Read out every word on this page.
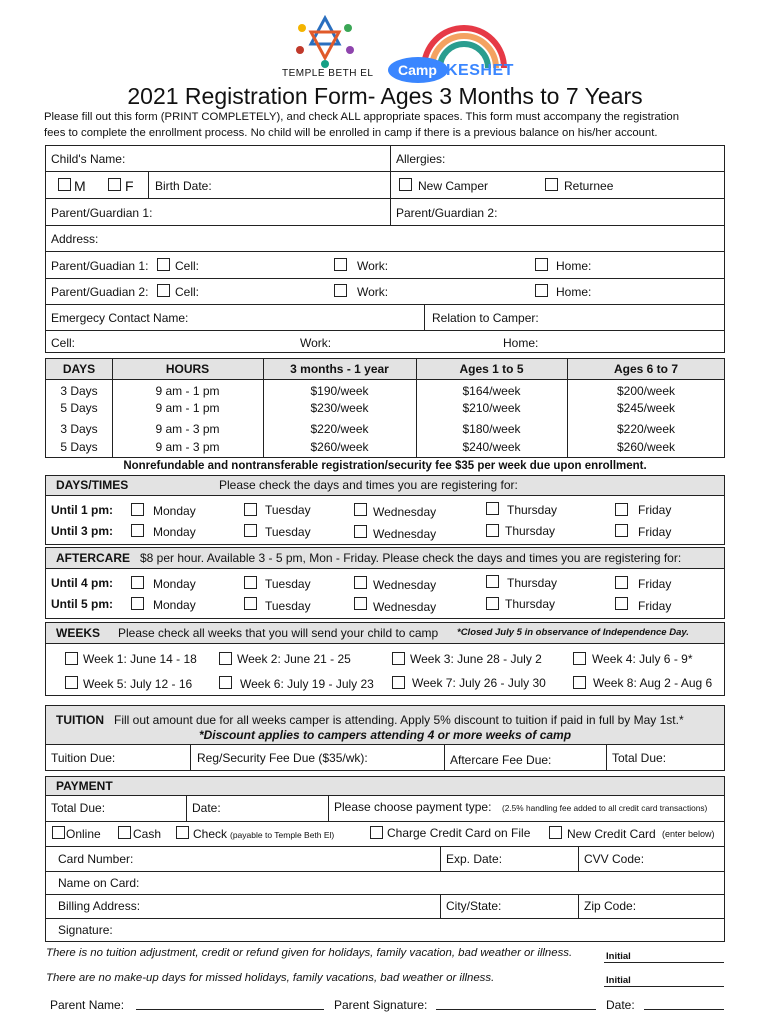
TEMPLE BETH EL Camp KESHET
2021 Registration Form- Ages 3 Months to 7 Years
Please fill out this form (PRINT COMPLETELY), and check ALL appropriate spaces. This form must accompany the registration
fees to complete the enrollment process. No child will be enrolled in camp if there is a previous balance on his/her account.
Child's Name:	Allergies:
M	F Birth Date:	New Camper	Returnee
Parent/Guardian 1:	Parent/Guardian 2:
Address:
Parent/Guadian 1: Cell:	Work:	Home:
Parent/Guadian 2: Cell:	Work:	Home:
Emergecy Contact Name:	Relation to Camper:
Cell:	Work:	Home:
DAYS	HOURS	3 months - 1 year	Ages 1 to 5	Ages 6 to 7
3 Days	9 am - 1 pm	$190/week	$164/week	$200/week
5 Days	9 am - 1 pm	$230/week	$210/week	$245/week
3 Days	9 am - 3 pm	$220/week	$180/week	$220/week
5 Days	9 am - 3 pm	$260/week	$240/week	$260/week
Nonrefundable and nontransferable registration/security fee $35 per week due upon enrollment.
DAYS/TIMES	Please check the days and times you are registering for:
Until 1 pm:	Monday	Tuesday	Wednesday	Thursday	Friday
Until 3 pm:	Monday	Tuesday	Wednesday	Thursday	Friday
AFTERCARE $8 per hour. Available 3 - 5 pm, Mon - Friday. Please check the days and times you are registering for:
Until 4 pm:	Monday	Tuesday	Wednesday	Thursday	Friday
Until 5 pm:	Monday	Tuesday	Wednesday	Thursday	Friday
WEEKS Please check all weeks that you will send your child to camp *Closed July 5 in observance of Independence Day.
Week 1: June 14 - 18	Week 2: June 21 - 25	Week 3: June 28 - July 2	Week 4: July 6 - 9*
Week 5: July 12 - 16	Week 6: July 19 - July 23	Week 7: July 26 - July 30	Week 8: Aug 2 - Aug 6
TUITION Fill out amount due for all weeks camper is attending. Apply 5% discount to tuition if paid in full by May 1st.*
*Discount applies to campers attending 4 or more weeks of camp
Tuition Due:	Reg/Security Fee Due ($35/wk):	Aftercare Fee Due:	Total Due:
PAYMENT
Total Due:	Date:	Please choose payment type: (2.5% handling fee added to all credit card transactions)
Online	Cash	Check (payable to Temple Beth El)	Charge Credit Card on File	New Credit Card (enter below)
Card Number:	Exp. Date:	CVV Code:
Name on Card:
Billing Address:	City/State:	Zip Code:
Signature:
There is no tuition adjustment, credit or refund given for holidays, family vacation, bad weather or illness.	Initial
There are no make-up days for missed holidays, family vacations, bad weather or illness.	Initial
Parent Name:	Parent Signature:	Date:
